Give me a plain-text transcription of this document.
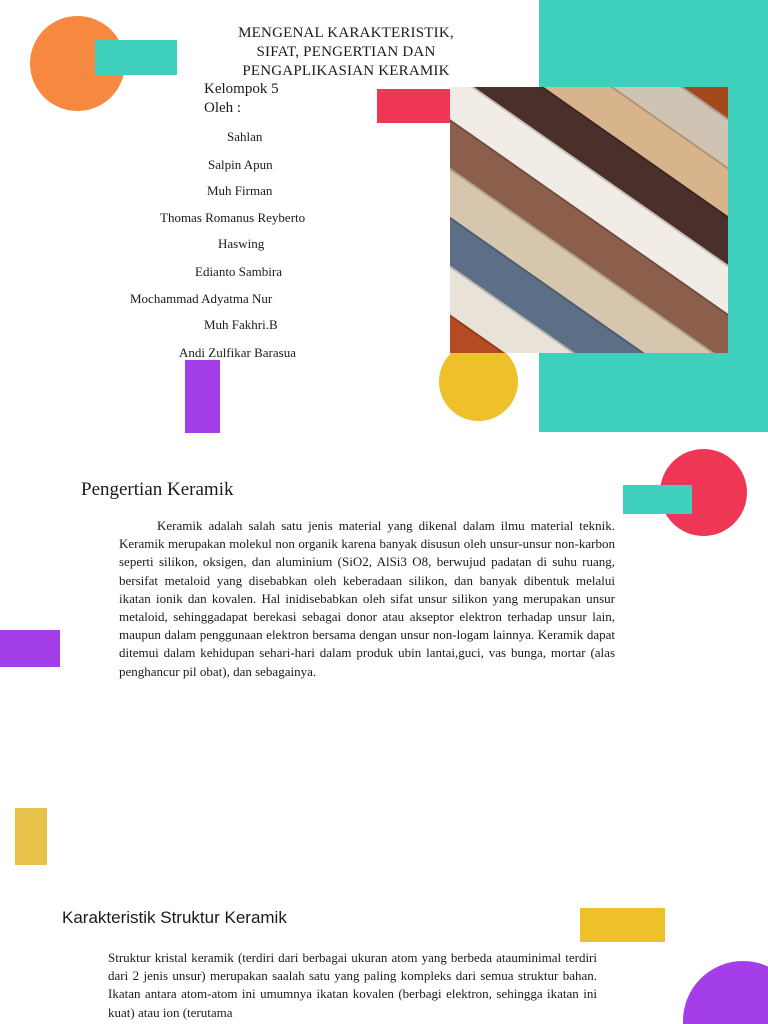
MENGENAL KARAKTERISTIK,
SIFAT, PENGERTIAN DAN
PENGAPLIKASIAN KERAMIK
Kelompok 5
Oleh :
Sahlan
Salpin Apun
Muh Firman
Thomas Romanus Reyberto
Haswing
Edianto Sambira
Mochammad Adyatma Nur
Muh Fakhri.B
Andi Zulfikar Barasua
Pengertian Keramik
Keramik adalah salah satu jenis material yang dikenal dalam ilmu material teknik. Keramik merupakan molekul non organik karena banyak disusun oleh unsur-unsur non-karbon seperti silikon, oksigen, dan aluminium (SiO2, AlSi3 O8, berwujud padatan di suhu ruang, bersifat metaloid yang disebabkan oleh keberadaan silikon, dan banyak dibentuk melalui ikatan ionik dan kovalen. Hal inidisebabkan oleh sifat unsur silikon yang merupakan unsur metaloid, sehinggadapat berekasi sebagai donor atau akseptor elektron terhadap unsur lain, maupun dalam penggunaan elektron bersama dengan unsur non-logam lainnya. Keramik dapat ditemui dalam kehidupan sehari-hari dalam produk ubin lantai,guci, vas bunga, mortar (alas penghancur pil obat), dan sebagainya.
Karakteristik Struktur Keramik
Struktur kristal keramik (terdiri dari berbagai ukuran atom yang berbeda atauminimal terdiri dari 2 jenis unsur) merupakan saalah satu yang paling kompleks dari semua struktur bahan. Ikatan antara atom-atom ini umumnya ikatan kovalen (berbagi elektron, sehingga ikatan ini kuat) atau ion (terutama
